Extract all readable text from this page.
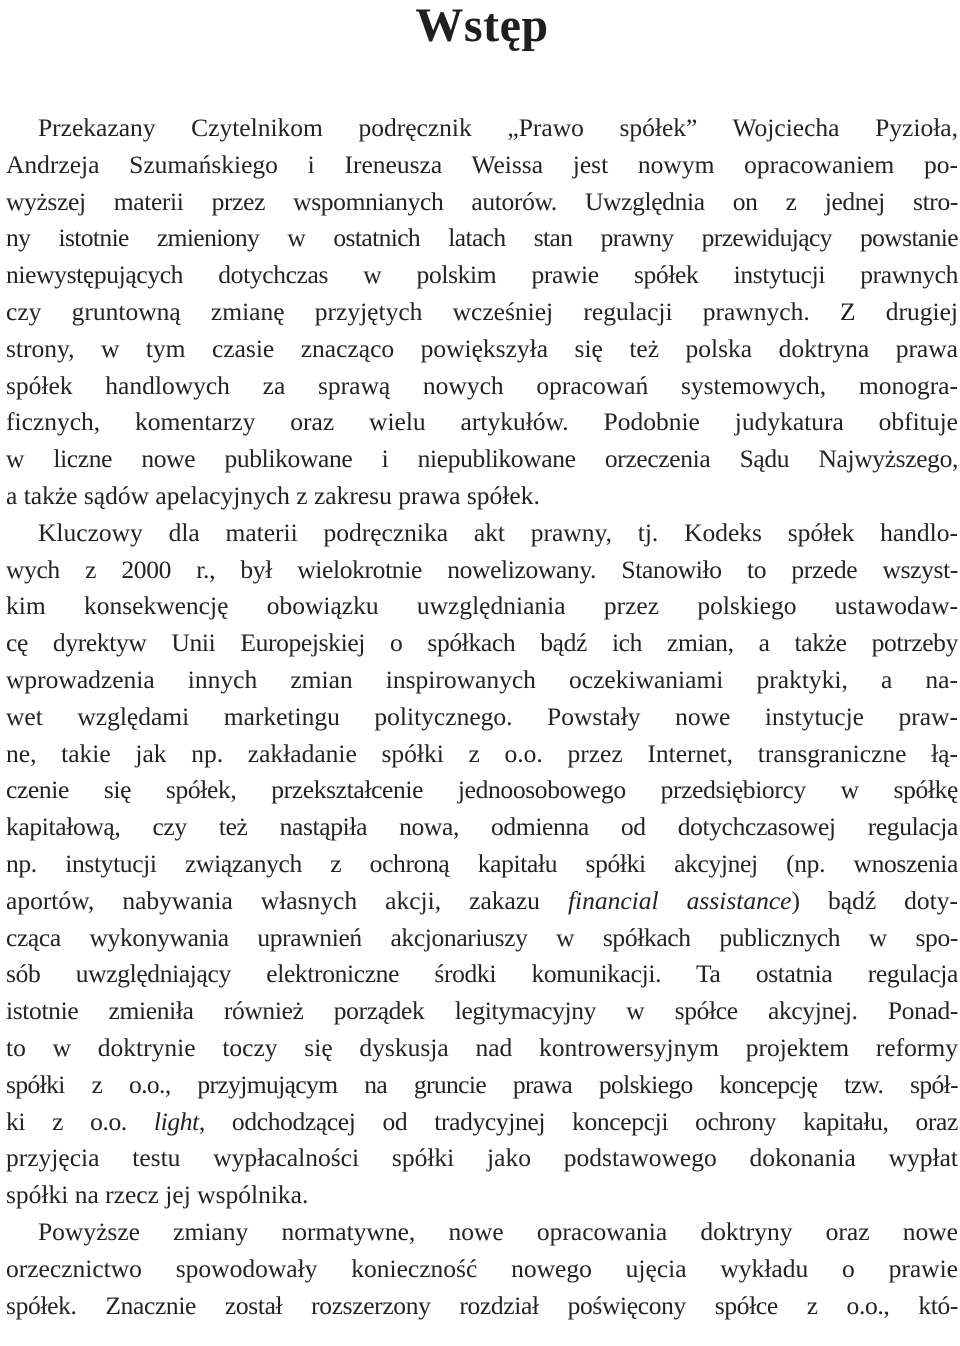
Wstęp
Przekazany Czytelnikom podręcznik „Prawo spółek” Wojciecha Pyzioła,
Andrzeja Szumańskiego i Ireneusza Weissa jest nowym opracowaniem po-
wyższej materii przez wspomnianych autorów. Uwzględnia on z jednej stro-
ny istotnie zmieniony w ostatnich latach stan prawny przewidujący powstanie
niewystępujących dotychczas w polskim prawie spółek instytucji prawnych
czy gruntowną zmianę przyjętych wcześniej regulacji prawnych. Z drugiej
strony, w tym czasie znacząco powiększyła się też polska doktryna prawa
spółek handlowych za sprawą nowych opracowań systemowych, monogra-
ficznych, komentarzy oraz wielu artykułów. Podobnie judykatura obfituje
w liczne nowe publikowane i niepublikowane orzeczenia Sądu Najwyższego,
a także sądów apelacyjnych z zakresu prawa spółek.
Kluczowy dla materii podręcznika akt prawny, tj. Kodeks spółek handlo-
wych z 2000 r., był wielokrotnie nowelizowany. Stanowiło to przede wszyst-
kim konsekwencję obowiązku uwzględniania przez polskiego ustawodaw-
cę dyrektyw Unii Europejskiej o spółkach bądź ich zmian, a także potrzeby
wprowadzenia innych zmian inspirowanych oczekiwaniami praktyki, a na-
wet względami marketingu politycznego. Powstały nowe instytucje praw-
ne, takie jak np. zakładanie spółki z o.o. przez Internet, transgraniczne łą-
czenie się spółek, przekształcenie jednoosobowego przedsiębiorcy w spółkę
kapitałową, czy też nastąpiła nowa, odmienna od dotychczasowej regulacja
np. instytucji związanych z ochroną kapitału spółki akcyjnej (np. wnoszenia
aportów, nabywania własnych akcji, zakazu financial assistance) bądź doty-
cząca wykonywania uprawnień akcjonariuszy w spółkach publicznych w spo-
sób uwzględniający elektroniczne środki komunikacji. Ta ostatnia regulacja
istotnie zmieniła również porządek legitymacyjny w spółce akcyjnej. Ponad-
to w doktrynie toczy się dyskusja nad kontrowersyjnym projektem reformy
spółki z o.o., przyjmującym na gruncie prawa polskiego koncepcję tzw. spół-
ki z o.o. light, odchodzącej od tradycyjnej koncepcji ochrony kapitału, oraz
przyjęcia testu wypłacalności spółki jako podstawowego dokonania wypłat
spółki na rzecz jej wspólnika.
Powyższe zmiany normatywne, nowe opracowania doktryny oraz nowe
orzecznictwo spowodowały konieczność nowego ujęcia wykładu o prawie
spółek. Znacznie został rozszerzony rozdział poświęcony spółce z o.o., któ-
